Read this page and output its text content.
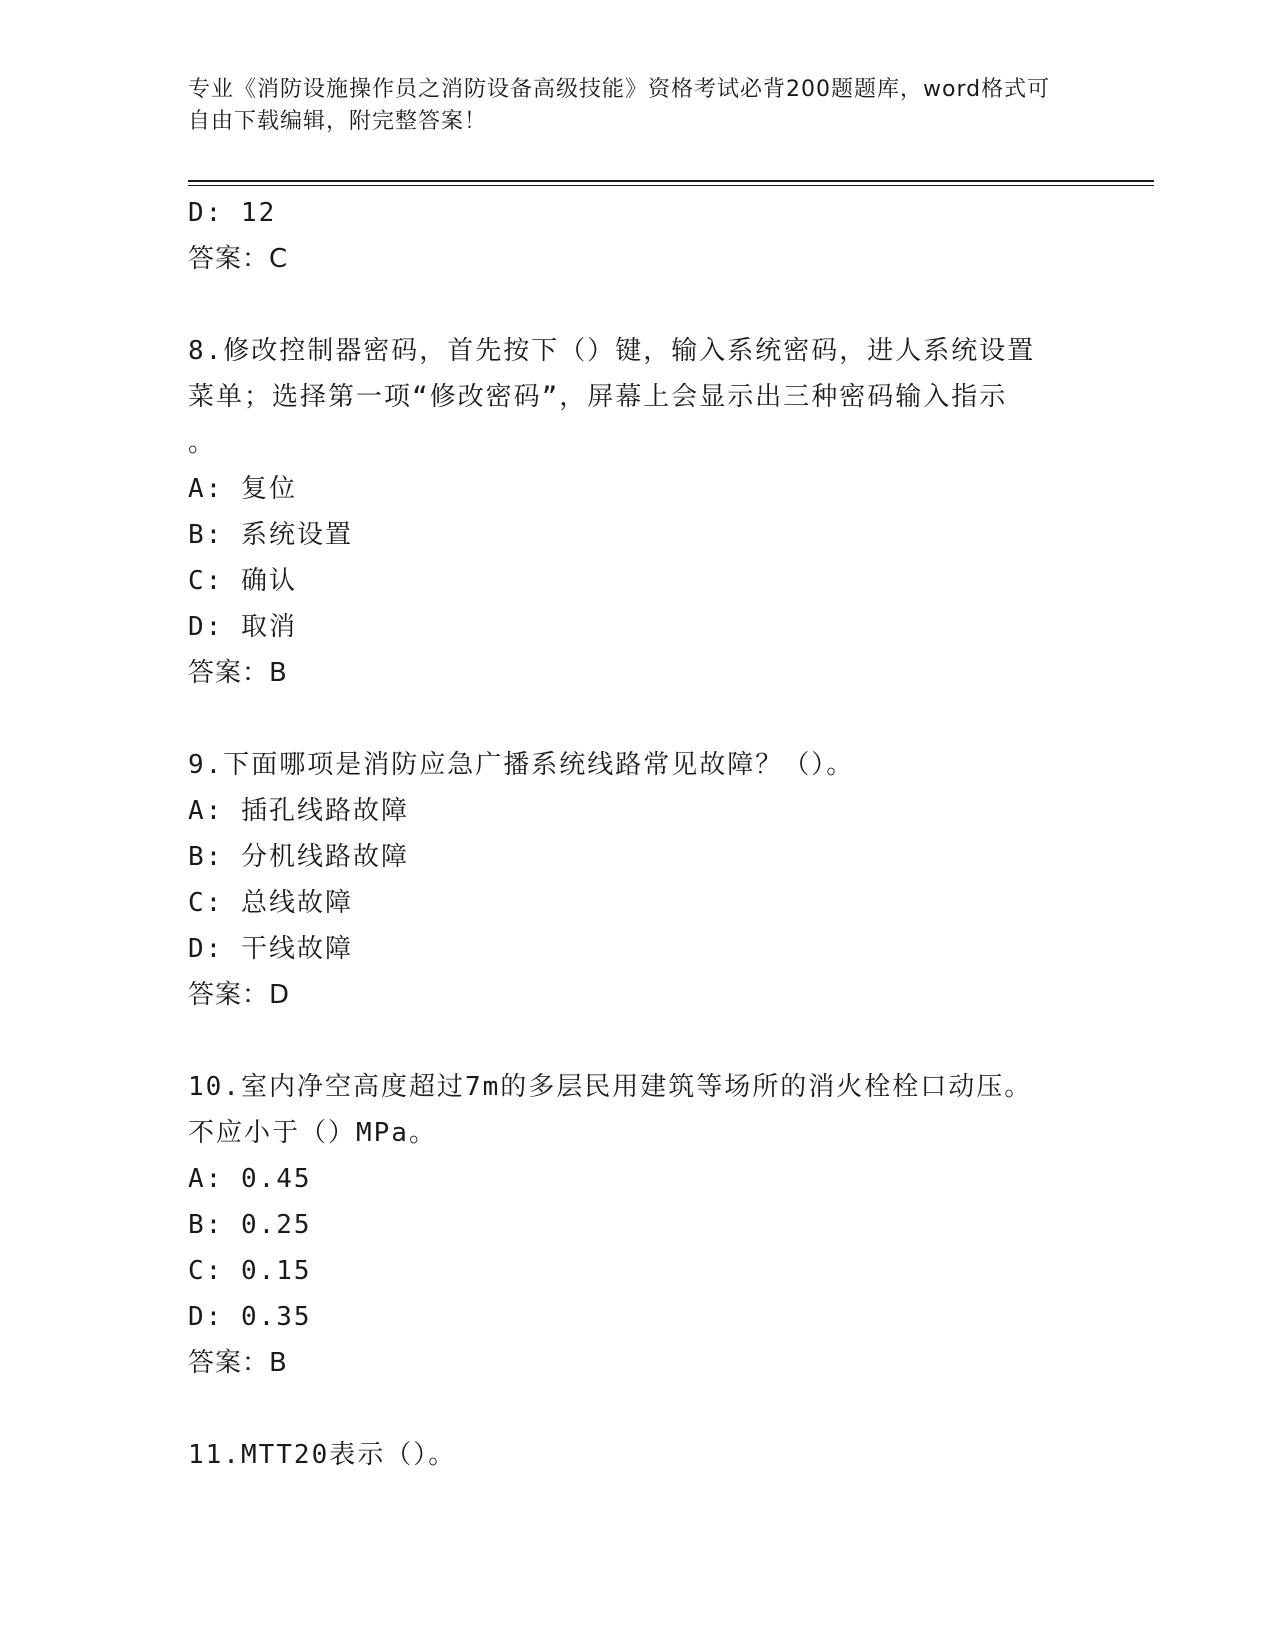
专业《消防设施操作员之消防设备高级技能》资格考试必背200题题库，word格式可自由下载编辑，附完整答案！
D: 12
答案：C
8.修改控制器密码，首先按下（）键，输入系统密码，进人系统设置
菜单；选择第一项“修改密码”，屏幕上会显示出三种密码输入指示
。
A: 复位
B: 系统设置
C: 确认
D: 取消
答案：B
9.下面哪项是消防应急广播系统线路常见故障？（）。
A: 插孔线路故障
B: 分机线路故障
C: 总线故障
D: 干线故障
答案：D
10.室内净空高度超过7m的多层民用建筑等场所的消火栓栓口动压。
不应小于（）MPa。
A: 0.45
B: 0.25
C: 0.15
D: 0.35
答案：B
11.MTT20表示（）。
